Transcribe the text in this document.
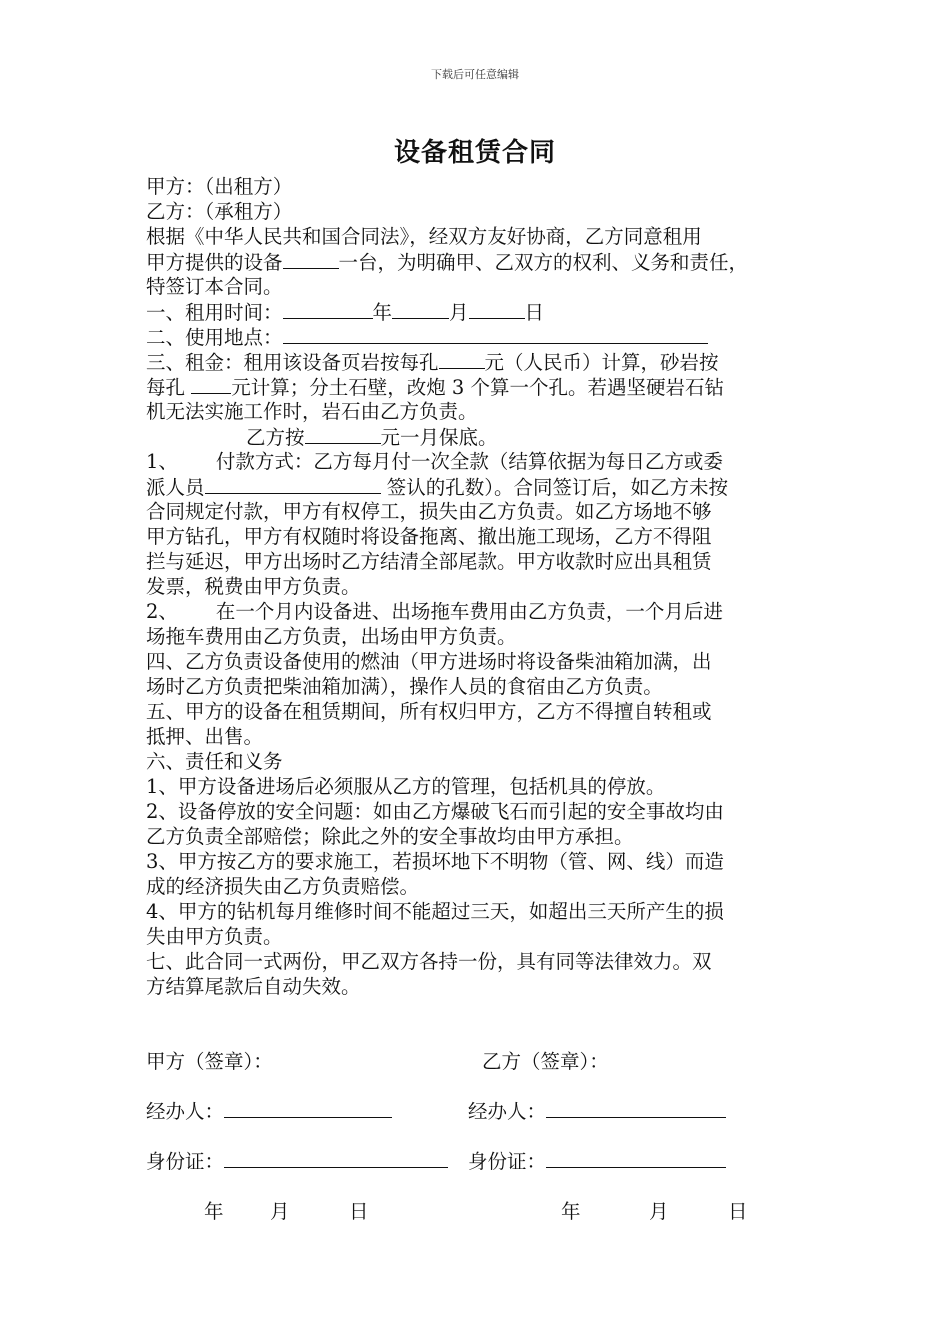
下载后可任意编辑
设备租赁合同
甲方：（出租方）
乙方：（承租方）
根据《中华人民共和国合同法》，经双方友好协商，乙方同意租用
甲方提供的设备	一台，为明确甲、乙双方的权利、义务和责任，
特签订本合同。
一、租用时间：	年	月	日
二、使用地点：
三、租金：租用该设备页岩按每孔 元（人民币）计算，砂岩按
每孔 元计算；分土石壁，改炮 3 个算一个孔。若遇坚硬岩石钻
机无法实施工作时，岩石由乙方负责。
乙方按	元一月保底。
1、 付款方式：乙方每月付一次全款（结算依据为每日乙方或委
派人员	签认的孔数）。合同签订后，如乙方未按
合同规定付款，甲方有权停工，损失由乙方负责。如乙方场地不够
甲方钻孔，甲方有权随时将设备拖离、撤出施工现场，乙方不得阻
拦与延迟，甲方出场时乙方结清全部尾款。甲方收款时应出具租赁
发票，税费由甲方负责。
2、 在一个月内设备进、出场拖车费用由乙方负责，一个月后进
场拖车费用由乙方负责，出场由甲方负责。
四、乙方负责设备使用的燃油（甲方进场时将设备柴油箱加满，出
场时乙方负责把柴油箱加满），操作人员的食宿由乙方负责。
五、甲方的设备在租赁期间，所有权归甲方，乙方不得擅自转租或
抵押、出售。
六、责任和义务
1、甲方设备进场后必须服从乙方的管理，包括机具的停放。
2、设备停放的安全问题：如由乙方爆破飞石而引起的安全事故均由
乙方负责全部赔偿；除此之外的安全事故均由甲方承担。
3、甲方按乙方的要求施工，若损坏地下不明物（管、网、线）而造
成的经济损失由乙方负责赔偿。
4、甲方的钻机每月维修时间不能超过三天，如超出三天所产生的损
失由甲方负责。
七、此合同一式两份，甲乙双方各持一份，具有同等法律效力。双
方结算尾款后自动失效。
甲方（签章）：	乙方（签章）：
经办人：	经办人：
身份证：	身份证：
年 月	日	年	月	日
